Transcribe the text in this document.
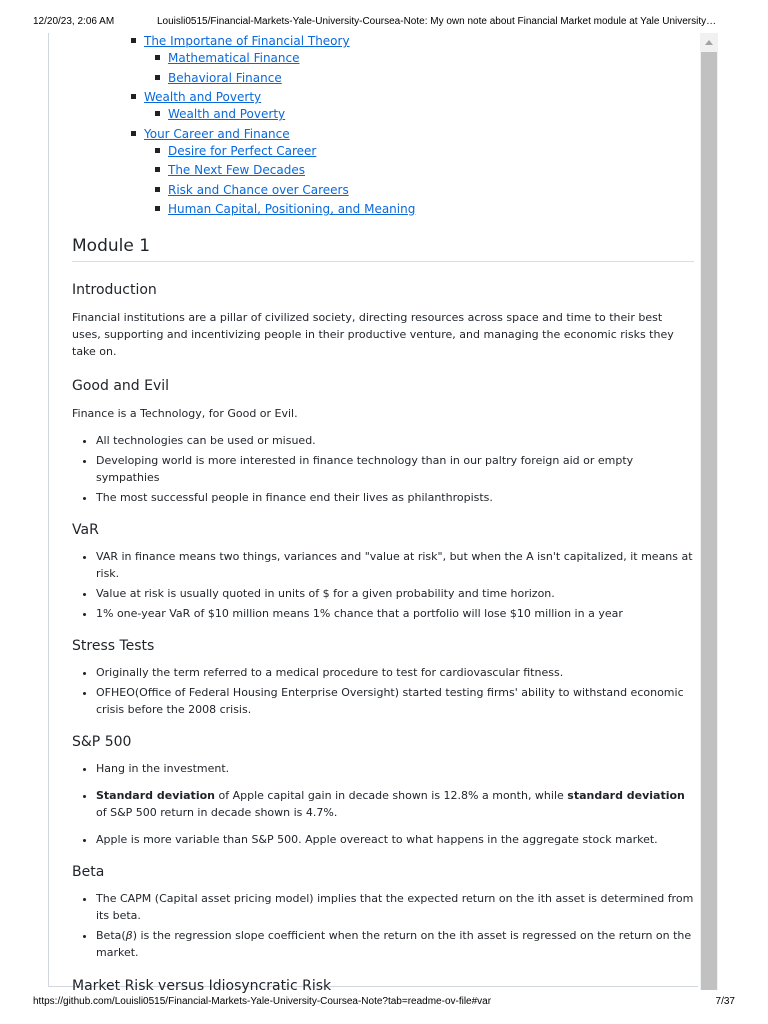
12/20/23, 2:06 AM	Louisli0515/Financial-Markets-Yale-University-Coursea-Note: My own note about Financial Market module at Yale University…
The Importane of Financial Theory
Mathematical Finance
Behavioral Finance
Wealth and Poverty
Wealth and Poverty
Your Career and Finance
Desire for Perfect Career
The Next Few Decades
Risk and Chance over Careers
Human Capital, Positioning, and Meaning
Module 1
Introduction

Financial institutions are a pillar of civilized society, directing resources across space and time to their best uses, supporting and incentivizing people in their productive venture, and managing the economic risks they take on.

Good and Evil

Finance is a Technology, for Good or Evil.

• All technologies can be used or misued.
• Developing world is more interested in finance technology than in our paltry foreign aid or empty sympathies
• The most successful people in finance end their lives as philanthropists.
VaR
• VAR in finance means two things, variances and "value at risk", but when the A isn't capitalized, it means at risk.
• Value at risk is usually quoted in units of $ for a given probability and time horizon.
• 1% one-year VaR of $10 million means 1% chance that a portfolio will lose $10 million in a year
Stress Tests
• Originally the term referred to a medical procedure to test for cardiovascular fitness.
• OFHEO(Office of Federal Housing Enterprise Oversight) started testing firms' ability to withstand economic crisis before the 2008 crisis.
S&P 500
• Hang in the investment.
• Standard deviation of Apple capital gain in decade shown is 12.8% a month, while standard deviation of S&P 500 return in decade shown is 4.7%.
• Apple is more variable than S&P 500. Apple overeact to what happens in the aggregate stock market.
Beta
• The CAPM (Capital asset pricing model) implies that the expected return on the ith asset is determined from its beta.
• Beta(β) is the regression slope coefficient when the return on the ith asset is regressed on the return on the market.
Market Risk versus Idiosyncratic Risk
https://github.com/Louisli0515/Financial-Markets-Yale-University-Coursea-Note?tab=readme-ov-file#var	7/37
